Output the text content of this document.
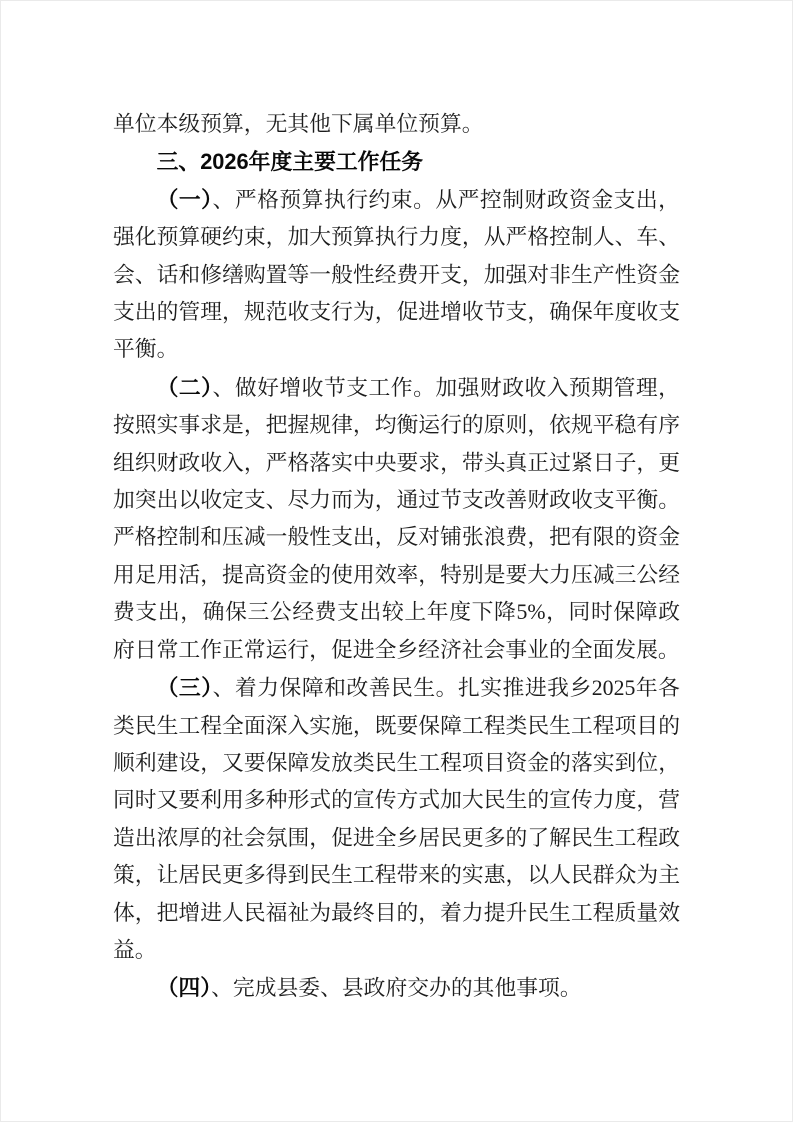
单位本级预算，无其他下属单位预算。

三、2026年度主要工作任务

（一）、严格预算执行约束。从严控制财政资金支出，强化预算硬约束，加大预算执行力度，从严格控制人、车、会、话和修缮购置等一般性经费开支，加强对非生产性资金支出的管理，规范收支行为，促进增收节支，确保年度收支平衡。

（二）、做好增收节支工作。加强财政收入预期管理，按照实事求是，把握规律，均衡运行的原则，依规平稳有序组织财政收入，严格落实中央要求，带头真正过紧日子，更加突出以收定支、尽力而为，通过节支改善财政收支平衡。严格控制和压减一般性支出，反对铺张浪费，把有限的资金用足用活，提高资金的使用效率，特别是要大力压减三公经费支出，确保三公经费支出较上年度下降5%，同时保障政府日常工作正常运行，促进全乡经济社会事业的全面发展。

（三）、着力保障和改善民生。扎实推进我乡2025年各类民生工程全面深入实施，既要保障工程类民生工程项目的顺利建设，又要保障发放类民生工程项目资金的落实到位，同时又要利用多种形式的宣传方式加大民生的宣传力度，营造出浓厚的社会氛围，促进全乡居民更多的了解民生工程政策，让居民更多得到民生工程带来的实惠，以人民群众为主体，把增进人民福祉为最终目的，着力提升民生工程质量效益。

（四）、完成县委、县政府交办的其他事项。
